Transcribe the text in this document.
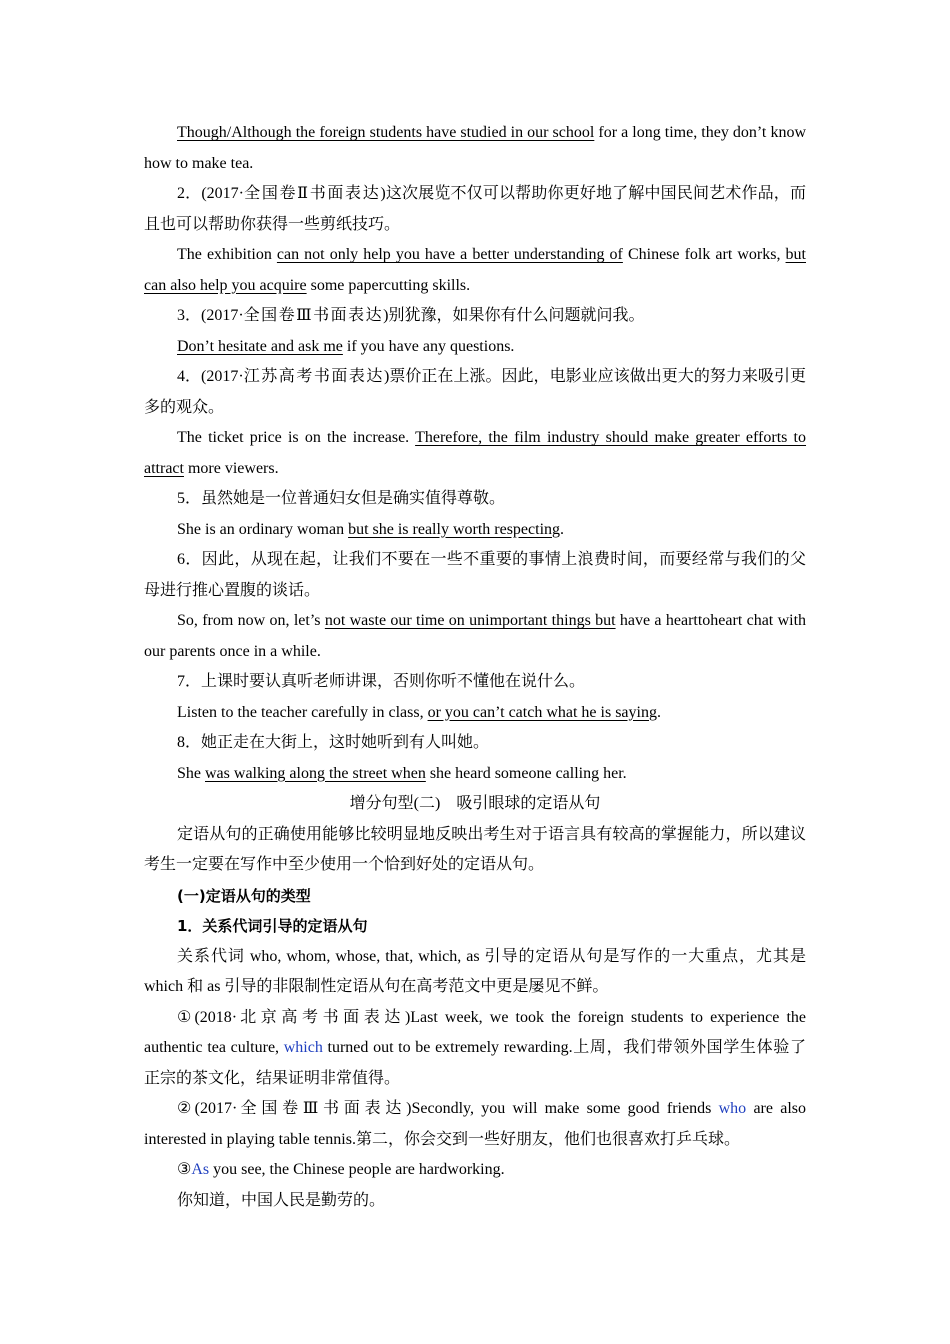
Though/Although the foreign students have studied in our school for a long time, they don’t know how to make tea.

2．(2017·全国卷Ⅱ书面表达)这次展览不仅可以帮助你更好地了解中国民间艺术作品，而且也可以帮助你获得一些剪纸技巧。

The exhibition can not only help you have a better understanding of Chinese folk art works, but can also help you acquire some papercutting skills.

3．(2017·全国卷Ⅲ书面表达)别犹豫，如果你有什么问题就问我。

Don’t hesitate and ask me if you have any questions.

4．(2017·江苏高考书面表达)票价正在上涨。因此，电影业应该做出更大的努力来吸引更多的观众。

The ticket price is on the increase. Therefore, the film industry should make greater efforts to attract more viewers.

5．虽然她是一位普通妇女但是确实值得尊敬。

She is an ordinary woman but she is really worth respecting.

6．因此，从现在起，让我们不要在一些不重要的事情上浪费时间，而要经常与我们的父母进行推心置腹的谈话。

So, from now on, let’s not waste our time on unimportant things but have a hearttoheart chat with our parents once in a while.

7．上课时要认真听老师讲课，否则你听不懂他在说什么。

Listen to the teacher carefully in class, or you can’t catch what he is saying.

8．她正走在大街上，这时她听到有人叫她。

She was walking along the street when she heard someone calling her.

增分句型(二)　吸引眼球的定语从句

定语从句的正确使用能够比较明显地反映出考生对于语言具有较高的掌握能力，所以建议考生一定要在写作中至少使用一个恰到好处的定语从句。

(一)定语从句的类型

1．关系代词引导的定语从句

关系代词 who, whom, whose, that, which, as 引导的定语从句是写作的一大重点，尤其是 which 和 as 引导的非限制性定语从句在高考范文中更是屡见不鲜。

①(2018·北京高考书面表达)Last week, we took the foreign students to experience the authentic tea culture, which turned out to be extremely rewarding.上周，我们带领外国学生体验了正宗的茶文化，结果证明非常值得。

②(2017·全国卷Ⅲ书面表达)Secondly, you will make some good friends who are also interested in playing table tennis.第二，你会交到一些好朋友，他们也很喜欢打乒乓球。

③As you see, the Chinese people are hardworking.

你知道，中国人民是勤劳的。
